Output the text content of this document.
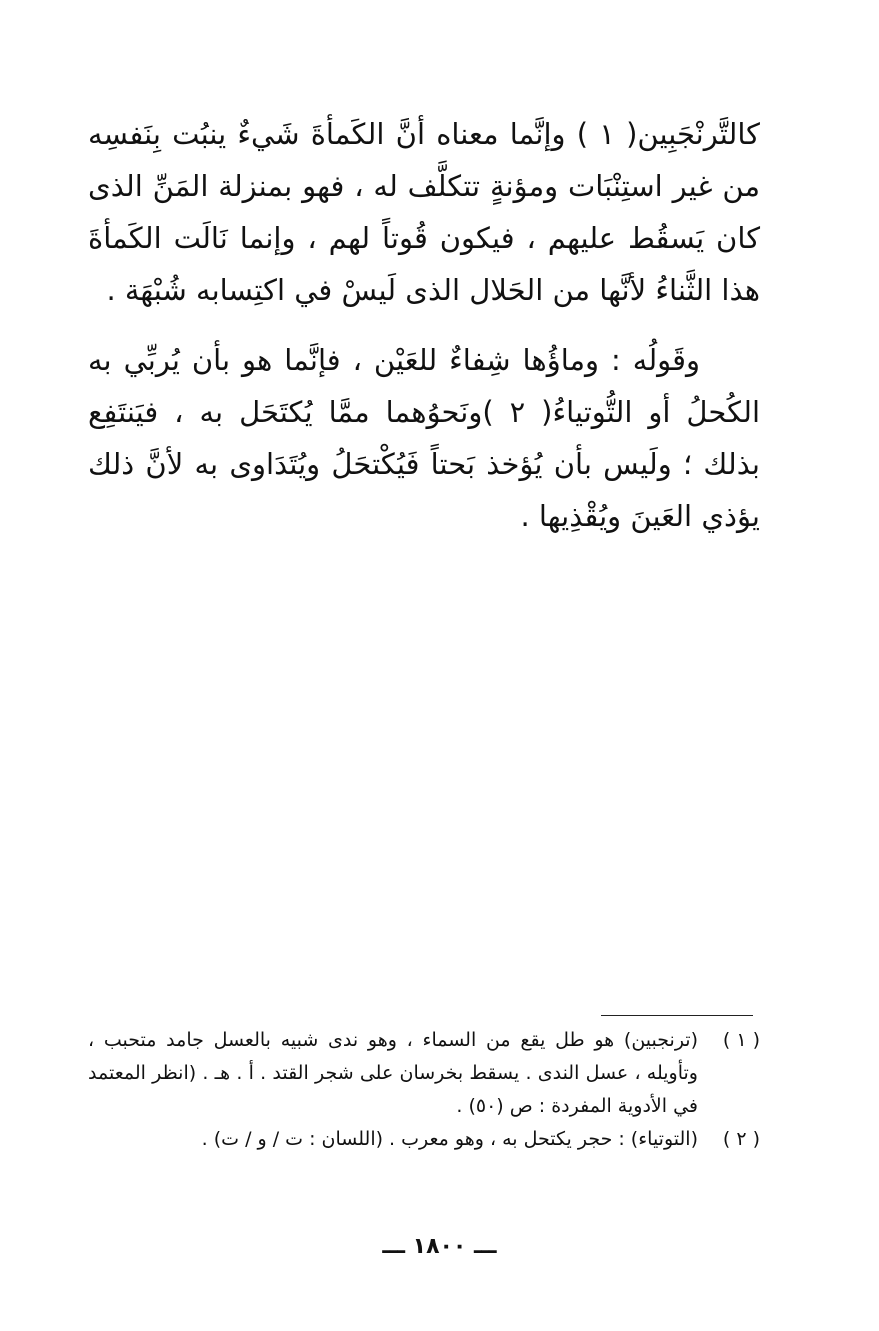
كالتَّرنْجَبِين( ١ ) وإنَّما معناه أنَّ الكَمأةَ شَيءٌ ينبُت بِنَفسِه من غير استِنْبَات ومؤنةٍ تتكلَّف له ، فهو بمنزلة المَنِّ الذى كان يَسقُط عليهم ، فيكون قُوتاً لهم ، وإنما نَالَت الكَمأةَ هذا الثَّناءُ لأنَّها من الحَلال الذى لَيسْ في اكتِسابه شُبْهَة .

وقَولُه : وماؤُها شِفاءٌ للعَيْن ، فإنَّما هو بأن يُربِّي به الكُحلُ أو التُّوتياءُ( ٢ )ونَحوُهما ممَّا يُكتَحَل به ، فيَنتَفِع بذلك ؛ ولَيس بأن يُؤخذ بَحتاً فَيُكْتحَلُ ويُتَدَاوى به لأنَّ ذلك يؤذي العَينَ ويُقْذِيها .

( ١ )
(ترنجبين) هو طل يقع من السماء ، وهو ندى شبيه بالعسل جامد متحبب ، وتأويله ، عسل الندى . يسقط بخرسان على شجر القتد . أ . هـ . (انظر المعتمد في الأدوية المفردة : ص (٥٠) .
( ٢ )
(التوتياء) : حجر يكتحل به ، وهو معرب . (اللسان : ت / و / ت) .
ـــ ١٨٠٠ ـــ
